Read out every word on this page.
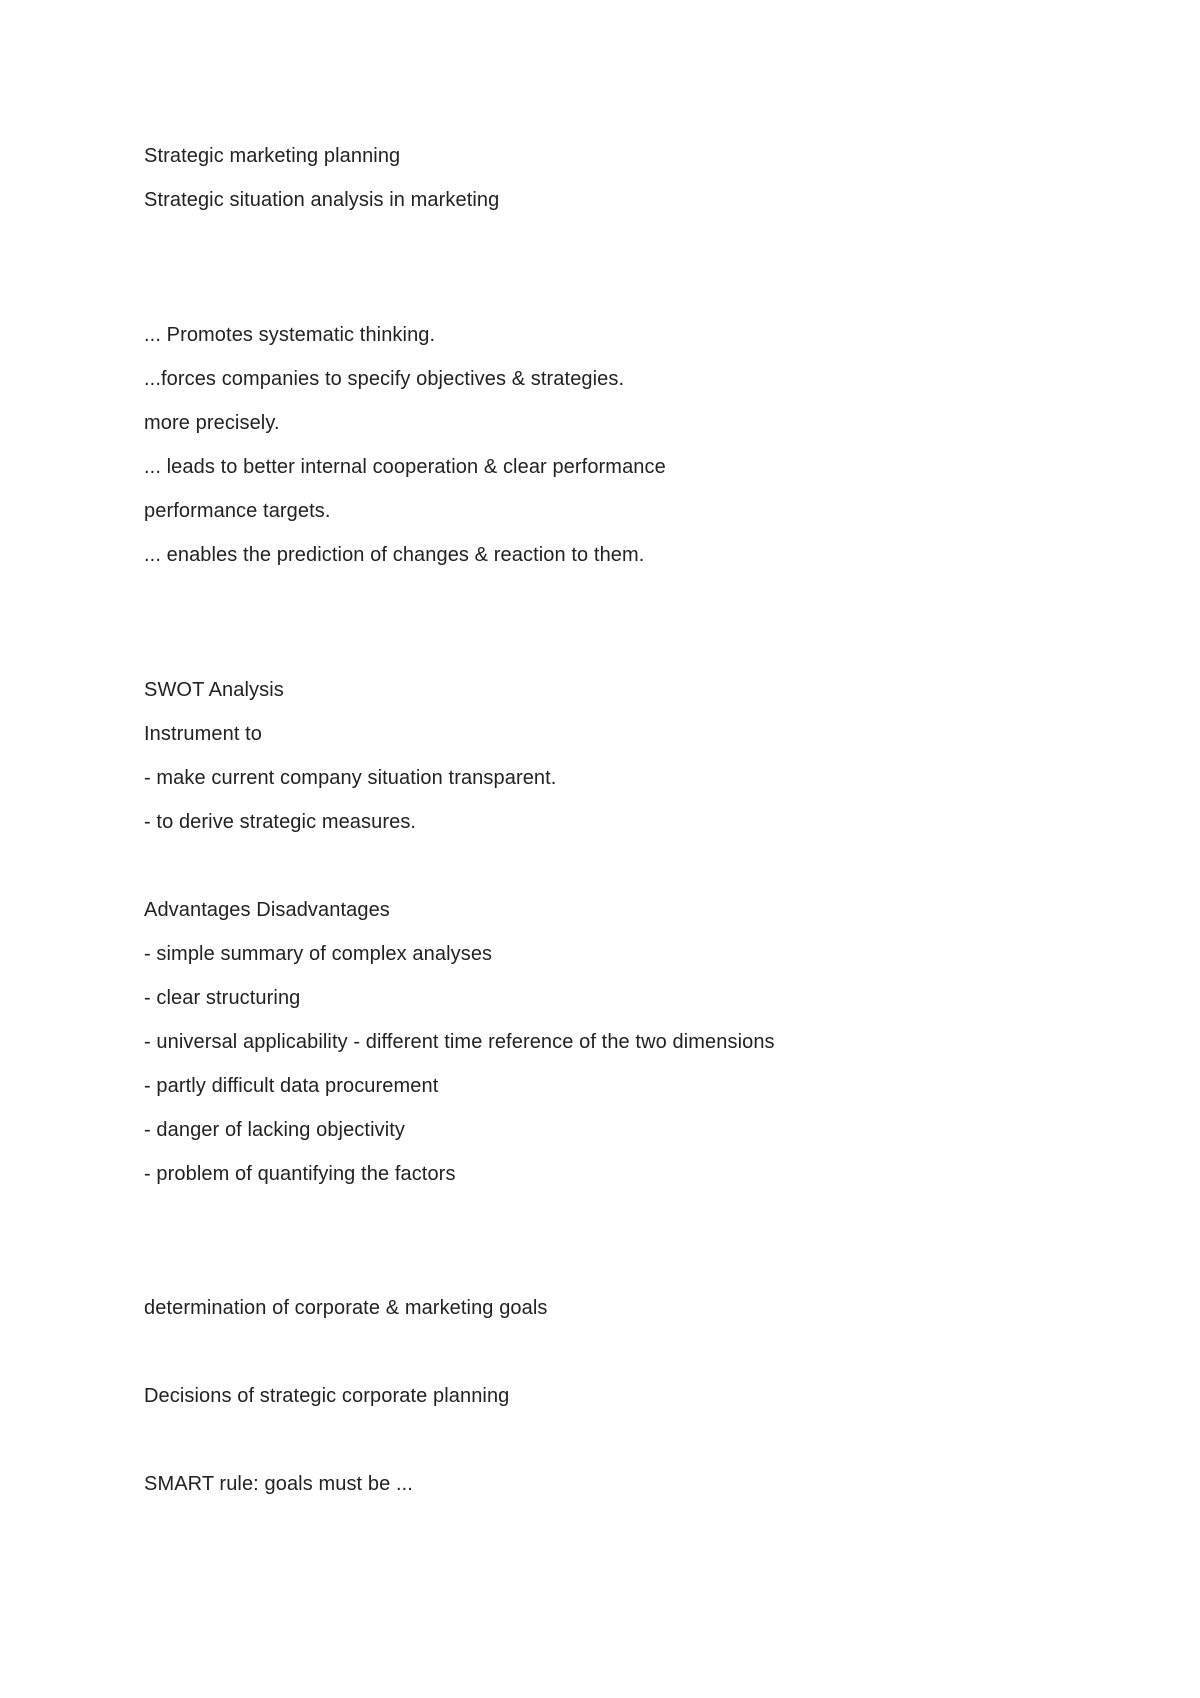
Strategic marketing planning
Strategic situation analysis in marketing
... Promotes systematic thinking.
...forces companies to specify objectives & strategies.
more precisely.
... leads to better internal cooperation & clear performance
performance targets.
... enables the prediction of changes & reaction to them.
SWOT Analysis
Instrument to
- make current company situation transparent.
- to derive strategic measures.
Advantages Disadvantages
- simple summary of complex analyses
- clear structuring
- universal applicability - different time reference of the two dimensions
- partly difficult data procurement
- danger of lacking objectivity
- problem of quantifying the factors
determination of corporate & marketing goals
Decisions of strategic corporate planning
SMART rule: goals must be ...
